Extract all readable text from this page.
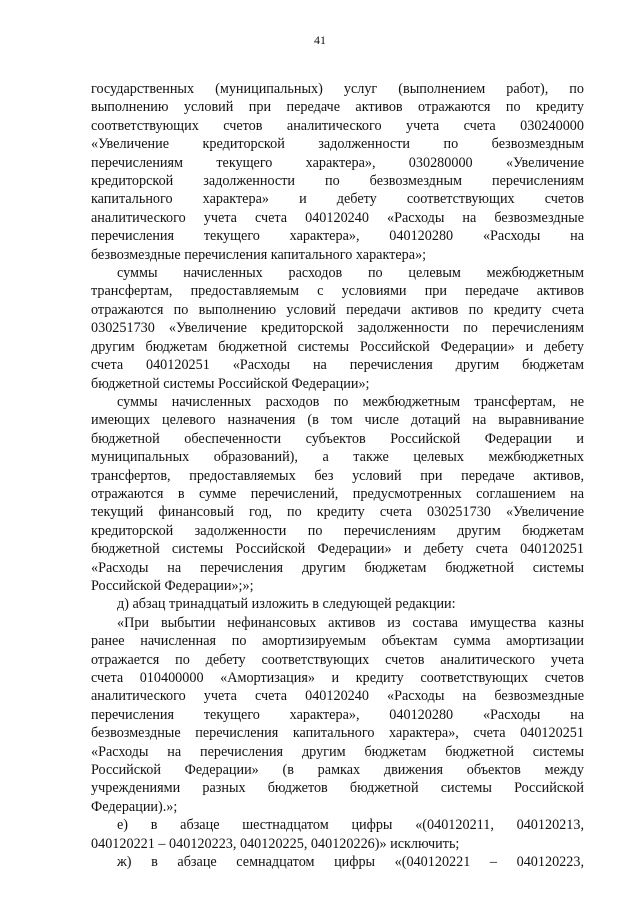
41
государственных (муниципальных) услуг (выполнением работ), по
выполнению условий при передаче активов отражаются по кредиту
соответствующих счетов аналитического учета счета 030240000
«Увеличение кредиторской задолженности по безвозмездным
перечислениям текущего характера», 030280000 «Увеличение
кредиторской задолженности по безвозмездным перечислениям
капитального характера» и дебету соответствующих счетов
аналитического учета счета 040120240 «Расходы на безвозмездные
перечисления текущего характера», 040120280 «Расходы на
безвозмездные перечисления капитального характера»;
суммы начисленных расходов по целевым межбюджетным
трансфертам, предоставляемым с условиями при передаче активов
отражаются по выполнению условий передачи активов по кредиту счета
030251730 «Увеличение кредиторской задолженности по перечислениям
другим бюджетам бюджетной системы Российской Федерации» и дебету
счета 040120251 «Расходы на перечисления другим бюджетам
бюджетной системы Российской Федерации»;
суммы начисленных расходов по межбюджетным трансфертам, не
имеющих целевого назначения (в том числе дотаций на выравнивание
бюджетной обеспеченности субъектов Российской Федерации и
муниципальных образований), а также целевых межбюджетных
трансфертов, предоставляемых без условий при передаче активов,
отражаются в сумме перечислений, предусмотренных соглашением на
текущий финансовый год, по кредиту счета 030251730 «Увеличение
кредиторской задолженности по перечислениям другим бюджетам
бюджетной системы Российской Федерации» и дебету счета 040120251
«Расходы на перечисления другим бюджетам бюджетной системы
Российской Федерации»;»;
д) абзац тринадцатый изложить в следующей редакции:
«При выбытии нефинансовых активов из состава имущества казны
ранее начисленная по амортизируемым объектам сумма амортизации
отражается по дебету соответствующих счетов аналитического учета
счета 010400000 «Амортизация» и кредиту соответствующих счетов
аналитического учета счета 040120240 «Расходы на безвозмездные
перечисления текущего характера», 040120280 «Расходы на
безвозмездные перечисления капитального характера», счета 040120251
«Расходы на перечисления другим бюджетам бюджетной системы
Российской Федерации» (в рамках движения объектов между
учреждениями разных бюджетов бюджетной системы Российской
Федерации).»;
е) в абзаце шестнадцатом цифры «(040120211, 040120213,
040120221 – 040120223, 040120225, 040120226)» исключить;
ж) в абзаце семнадцатом цифры «(040120221 – 040120223,
